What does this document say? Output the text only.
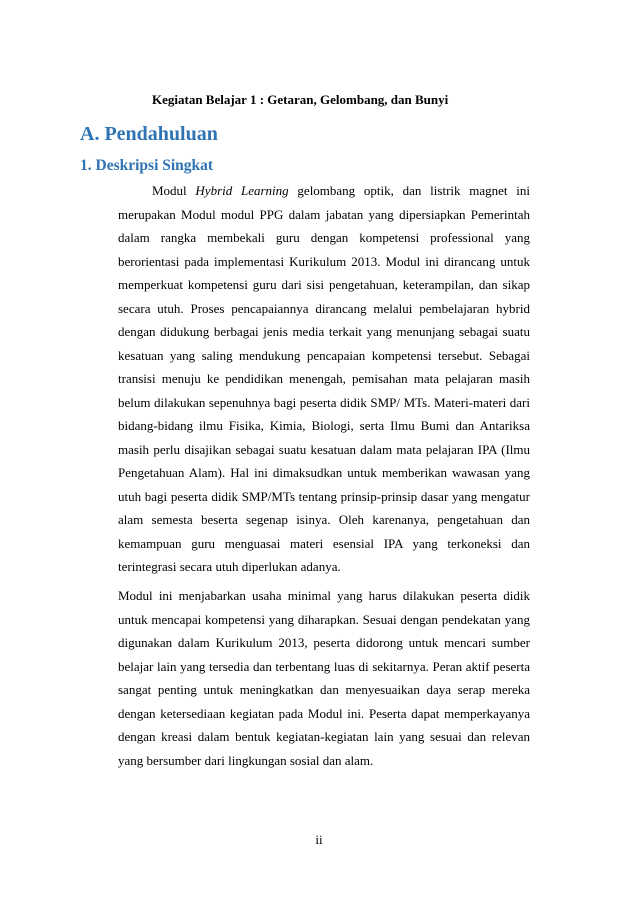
Kegiatan Belajar 1 : Getaran, Gelombang, dan Bunyi
A. Pendahuluan
1. Deskripsi Singkat
Modul Hybrid Learning gelombang optik, dan listrik magnet ini merupakan Modul modul PPG dalam jabatan yang dipersiapkan Pemerintah dalam rangka membekali guru dengan kompetensi professional yang berorientasi pada implementasi Kurikulum 2013. Modul ini dirancang untuk memperkuat kompetensi guru dari sisi pengetahuan, keterampilan, dan sikap secara utuh. Proses pencapaiannya dirancang melalui pembelajaran hybrid dengan didukung berbagai jenis media terkait yang menunjang sebagai suatu kesatuan yang saling mendukung pencapaian kompetensi tersebut. Sebagai transisi menuju ke pendidikan menengah, pemisahan mata pelajaran masih belum dilakukan sepenuhnya bagi peserta didik SMP/ MTs. Materi-materi dari bidang-bidang ilmu Fisika, Kimia, Biologi, serta Ilmu Bumi dan Antariksa masih perlu disajikan sebagai suatu kesatuan dalam mata pelajaran IPA (Ilmu Pengetahuan Alam). Hal ini dimaksudkan untuk memberikan wawasan yang utuh bagi peserta didik SMP/MTs tentang prinsip-prinsip dasar yang mengatur alam semesta beserta segenap isinya. Oleh karenanya, pengetahuan dan kemampuan guru menguasai materi esensial IPA yang terkoneksi dan terintegrasi secara utuh diperlukan adanya.
Modul ini menjabarkan usaha minimal yang harus dilakukan peserta didik untuk mencapai kompetensi yang diharapkan. Sesuai dengan pendekatan yang digunakan dalam Kurikulum 2013, peserta didorong untuk mencari sumber belajar lain yang tersedia dan terbentang luas di sekitarnya. Peran aktif peserta sangat penting untuk meningkatkan dan menyesuaikan daya serap mereka dengan ketersediaan kegiatan pada Modul ini. Peserta dapat memperkayanya dengan kreasi dalam bentuk kegiatan-kegiatan lain yang sesuai dan relevan yang bersumber dari lingkungan sosial dan alam.
ii
